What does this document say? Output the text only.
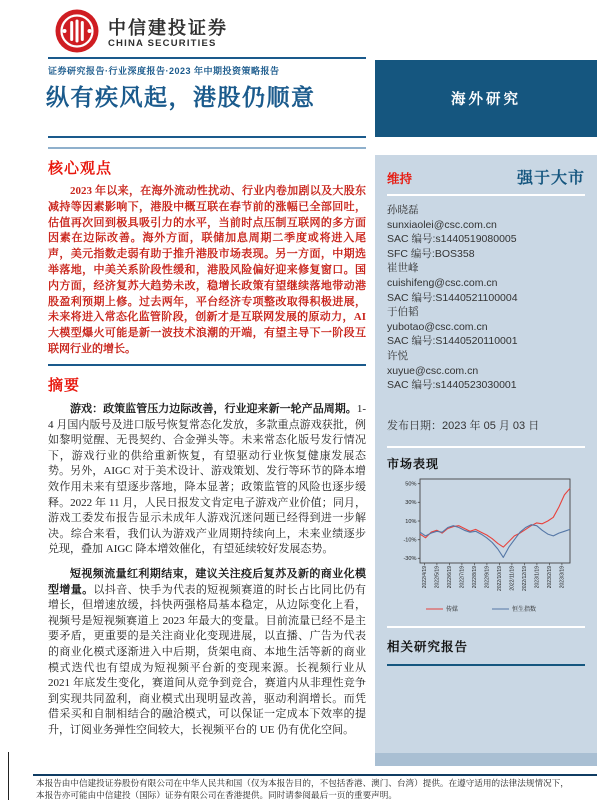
中信建投证券
CHINA SECURITIES
证券研究报告·行业深度报告·2023 年中期投资策略报告
纵有疾风起，港股仍顺意	海外研究
核心观点
2023 年以来，在海外流动性扰动、行业内卷加剧以及大股东减持等因素影响下，港股中概互联在春节前的涨幅已全部回吐，估值再次回到极具吸引力的水平，当前时点压制互联网的多方面因素在边际改善。海外方面，联储加息周期二季度或将进入尾声，美元指数走弱有助于推升港股市场表现。另一方面，中期选举落地，中美关系阶段性缓和，港股风险偏好迎来修复窗口。国内方面，经济复苏大趋势未改，稳增长政策有望继续落地带动港股盈利预期上修。过去两年，平台经济专项整改取得积极进展，未来将进入常态化监管阶段，创新才是互联网发展的原动力，AI 大模型爆火可能是新一波技术浪潮的开端，有望主导下一阶段互联网行业的增长。
摘要

游戏：政策监管压力边际改善，行业迎来新一轮产品周期。1-4 月国内版号及进口版号恢复常态化发放，多款重点游戏获批，例如黎明觉醒、无畏契约、合金弹头等。未来常态化版号发行情况下，游戏行业的供给重新恢复，有望驱动行业恢复健康发展态势。另外，AIGC 对于美术设计、游戏策划、发行等环节的降本增效作用未来有望逐步落地，降本显著；政策监管的风险也逐步缓释。2022 年 11 月，人民日报发文肯定电子游戏产业价值；同月，游戏工委发布报告显示未成年人游戏沉迷问题已经得到进一步解决。综合来看，我们认为游戏产业周期持续向上，未来业绩逐步兑现，叠加 AIGC 降本增效催化，有望延续较好发展态势。

短视频流量红利期结束，建议关注疫后复苏及新的商业化模型增量。以抖音、快手为代表的短视频赛道的时长占比同比仍有增长，但增速放缓，抖快两强格局基本稳定，从边际变化上看，视频号是短视频赛道上 2023 年最大的变量。目前流量已经不是主要矛盾，更重要的是关注商业化变现进展，以直播、广告为代表的商业化模式逐渐进入中后期，货架电商、本地生活等新的商业模式迭代也有望成为短视频平台新的变现来源。长视频行业从 2021 年底发生变化，赛道间从竞争到竞合，赛道内从非理性竞争到实现共同盈利，商业模式出现明显改善，驱动利润增长。而凭借采买和自制相结合的融洽模式，可以保证一定成本下效率的提升，订阅业务弹性空间较大，长视频平台的 UE 仍有优化空间。

维持	强于大市
孙晓磊
sunxiaolei@csc.com.cn
SAC 编号:s1440519080005
SFC 编号:BOS358
崔世峰
cuishifeng@csc.com.cn
SAC 编号:S1440521100004
于伯韬
yubotao@csc.com.cn
SAC 编号:S1440520110001
许悦
xuyue@csc.com.cn
SAC 编号:s1440523030001
发布日期：2023 年 05 月 03 日
市场表现
50%
30%
10%
-10%
-30%
2022/4/19 2022/5/19 2022/6/19 2022/7/19 2022/8/19 2022/9/19 2022/10/19 2022/11/19 2022/12/19 2023/1/19 2023/2/19 2023/3/19
传媒	恒生指数
相关研究报告
本报告由中信建投证券股份有限公司在中华人民共和国（仅为本报告目的，不包括香港、澳门、台湾）提供。在遵守适用的法律法规情况下，
本报告亦可能由中信建投（国际）证券有限公司在香港提供。同时请参阅最后一页的重要声明。
